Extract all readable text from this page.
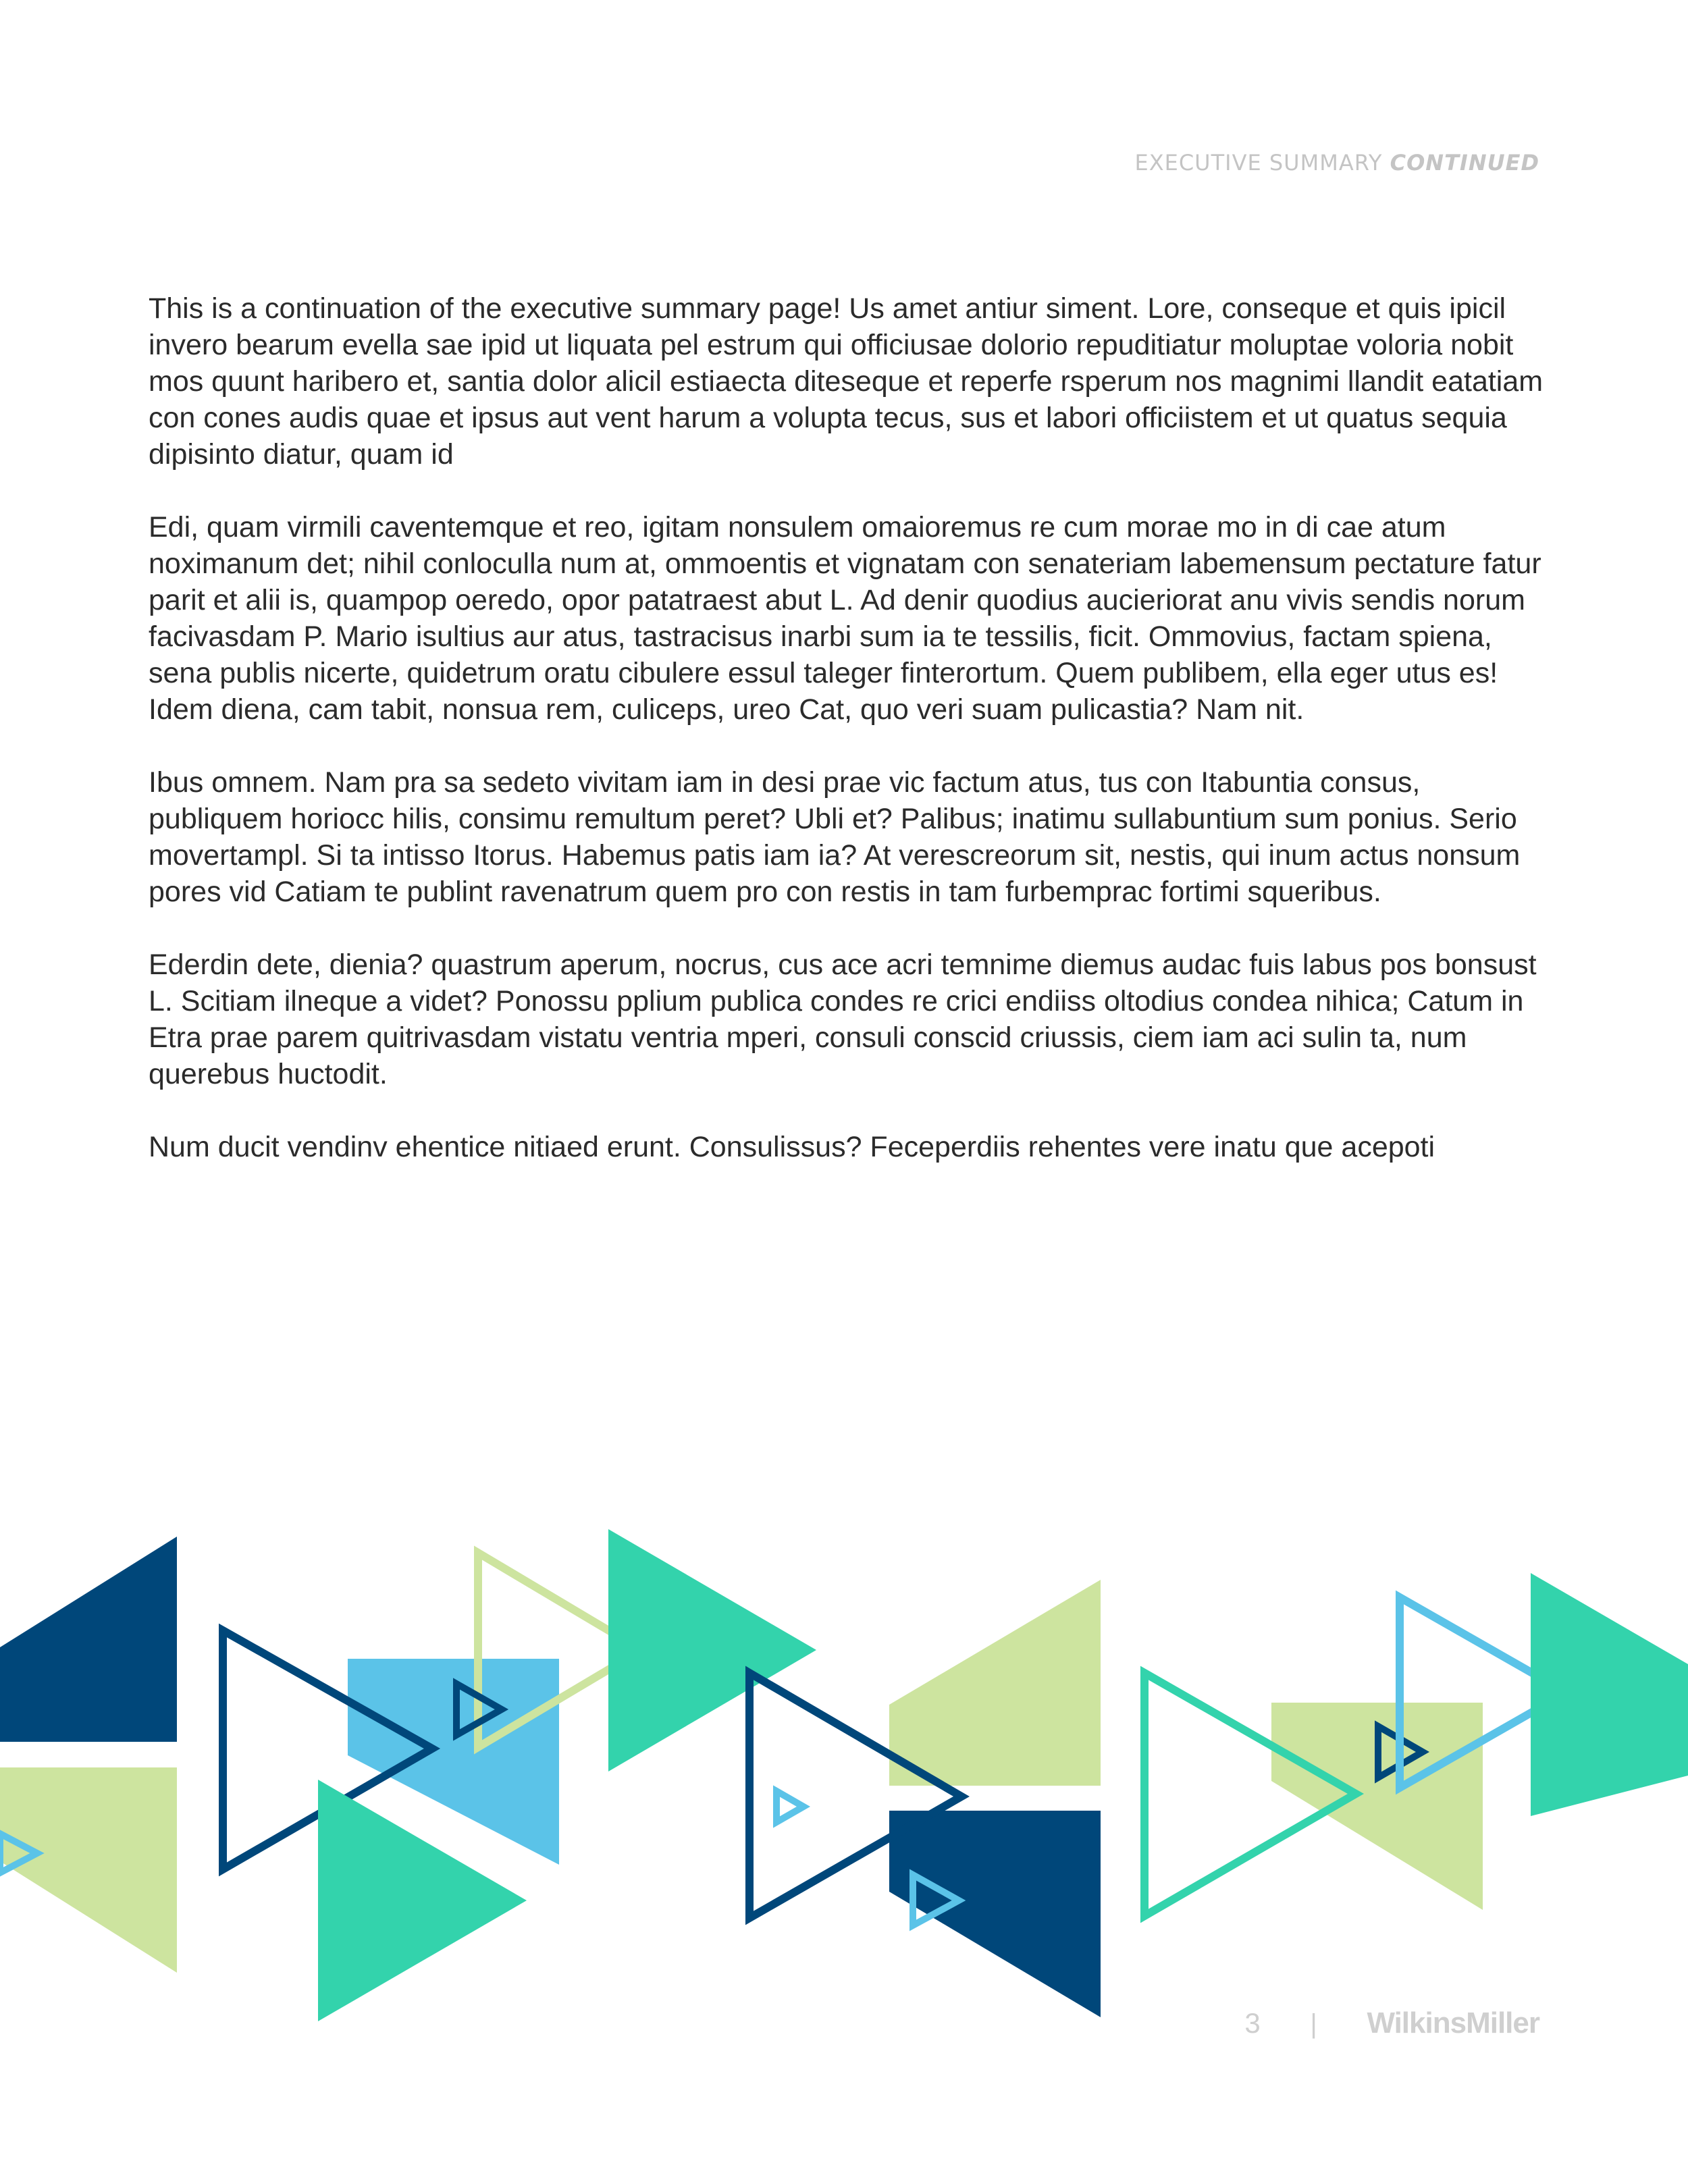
EXECUTIVE SUMMARY CONTINUED

This is a continuation of the executive summary page! Us amet antiur siment. Lore, conseque et quis ipicil invero bearum evella sae ipid ut liquata pel estrum qui officiusae dolorio repuditiatur moluptae voloria nobit mos quunt haribero et, santia dolor alicil estiaecta diteseque et reperfe rsperum nos magnimi llandit eatatiam con cones audis quae et ipsus aut vent harum a volupta tecus, sus et labori officiistem et ut quatus sequia dipisinto diatur, quam id

Edi, quam virmili caventemque et reo, igitam nonsulem omaioremus re cum morae mo in di cae atum noximanum det; nihil conloculla num at, ommoentis et vignatam con senateriam labemensum pectature fatur parit et alii is, quampop oeredo, opor patatraest abut L. Ad denir quodius aucieriorat anu vivis sendis norum facivasdam P. Mario isultius aur atus, tastracisus inarbi sum ia te tessilis, ficit. Ommovius, factam spiena, sena publis nicerte, quidetrum oratu cibulere essul taleger finterortum. Quem publibem, ella eger utus es! Idem diena, cam tabit, nonsua rem, culiceps, ureo Cat, quo veri suam pulicastia? Nam nit.

Ibus omnem. Nam pra sa sedeto vivitam iam in desi prae vic factum atus, tus con Itabuntia consus, publiquem horiocc hilis, consimu remultum peret? Ubli et? Palibus; inatimu sullabuntium sum ponius. Serio movertampl. Si ta intisso Itorus. Habemus patis iam ia? At verescreorum sit, nestis, qui inum actus nonsum pores vid Catiam te publint ravenatrum quem pro con restis in tam furbemprac fortimi squeribus.

Ederdin dete, dienia? quastrum aperum, nocrus, cus ace acri temnime diemus audac fuis labus pos bonsust L. Scitiam ilneque a videt? Ponossu pplium publica condes re crici endiiss oltodius condea nihica; Catum in Etra prae parem quitrivasdam vistatu ventria mperi, consuli conscid criussis, ciem iam aci sulin ta, num querebus huctodit.

Num ducit vendinv ehentice nitiaed erunt. Consulissus? Feceperdiis rehentes vere inatu que acepoti

3 | WilkinsMiller
